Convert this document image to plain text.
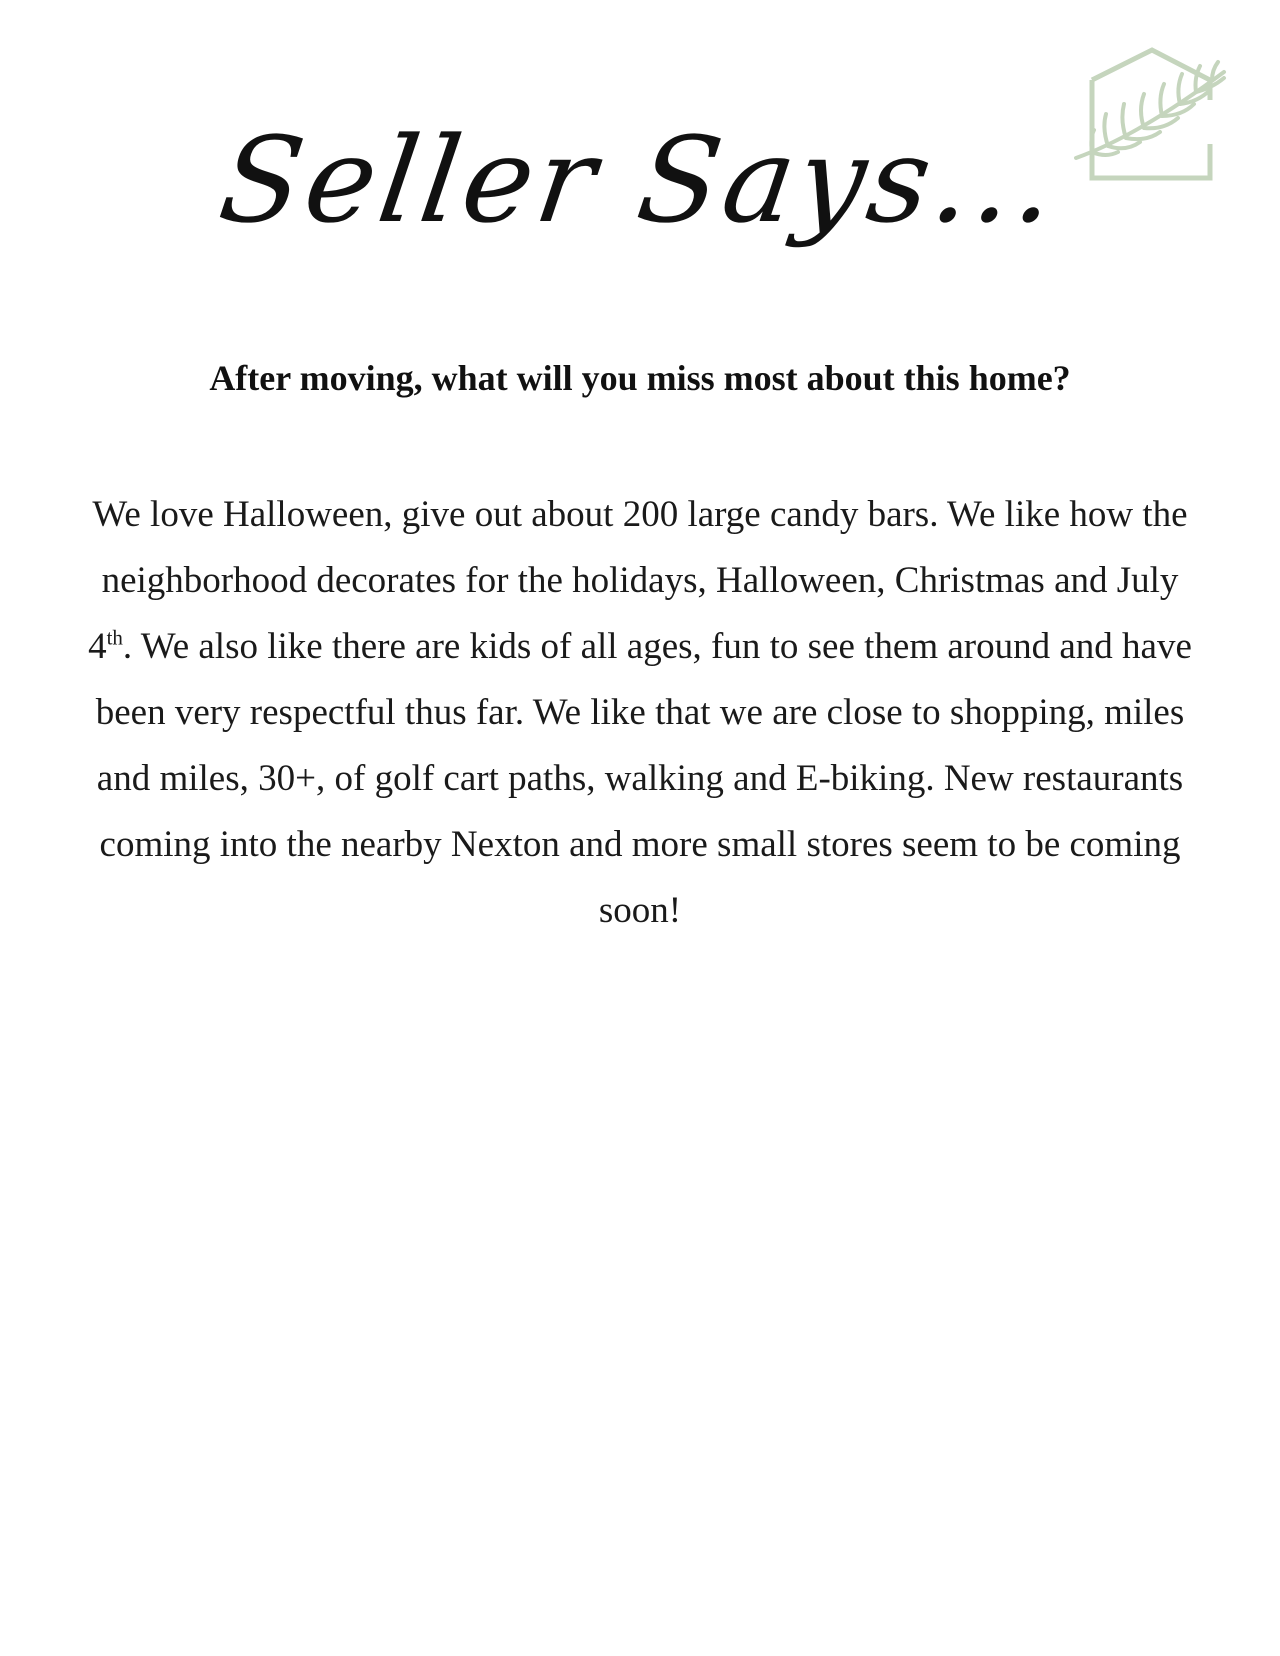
Seller Says...
After moving, what will you miss most about this home?
We love Halloween, give out about 200 large candy bars. We like how the neighborhood decorates for the holidays, Halloween, Christmas and July 4th. We also like there are kids of all ages, fun to see them around and have been very respectful thus far. We like that we are close to shopping, miles and miles, 30+, of golf cart paths, walking and E-biking. New restaurants coming into the nearby Nexton and more small stores seem to be coming soon!
